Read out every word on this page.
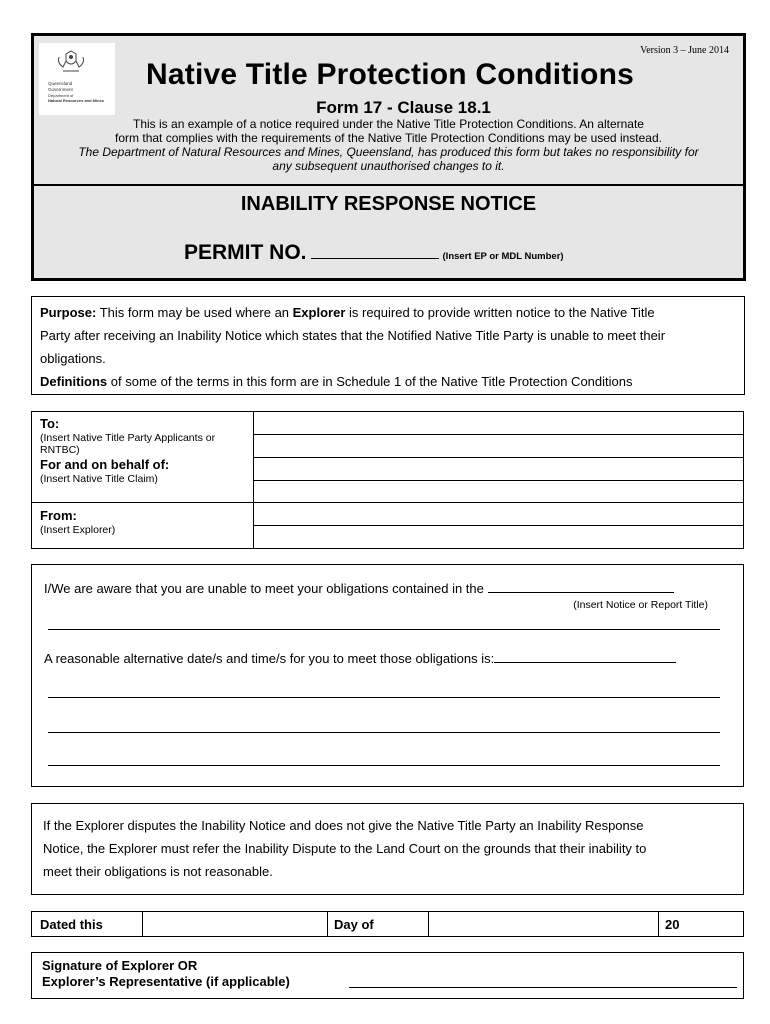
Queensland
Government
Department of
Natural Resources and Mines
Version 3 – June 2014
Native Title Protection Conditions
Form 17 - Clause 18.1
This is an example of a notice required under the Native Title Protection Conditions. An alternate
form that complies with the requirements of the Native Title Protection Conditions may be used instead.
The Department of Natural Resources and Mines, Queensland, has produced this form but takes no responsibility for
any subsequent unauthorised changes to it.
INABILITY RESPONSE NOTICE
PERMIT NO.	(Insert EP or MDL Number)
Purpose: This form may be used where an Explorer is required to provide written notice to the Native Title
Party after receiving an Inability Notice which states that the Notified Native Title Party is unable to meet their
obligations.
Definitions of some of the terms in this form are in Schedule 1 of the Native Title Protection Conditions
To:
(Insert Native Title Party Applicants or RNTBC)
For and on behalf of:
(Insert Native Title Claim)
From:
(Insert Explorer)
I/We are aware that you are unable to meet your obligations contained in the
(Insert Notice or Report Title)
A reasonable alternative date/s and time/s for you to meet those obligations is:
If the Explorer disputes the Inability Notice and does not give the Native Title Party an Inability Response
Notice, the Explorer must refer the Inability Dispute to the Land Court on the grounds that their inability to
meet their obligations is not reasonable.
Dated this	Day of	20
Signature of Explorer OR
Explorer’s Representative (if applicable)
